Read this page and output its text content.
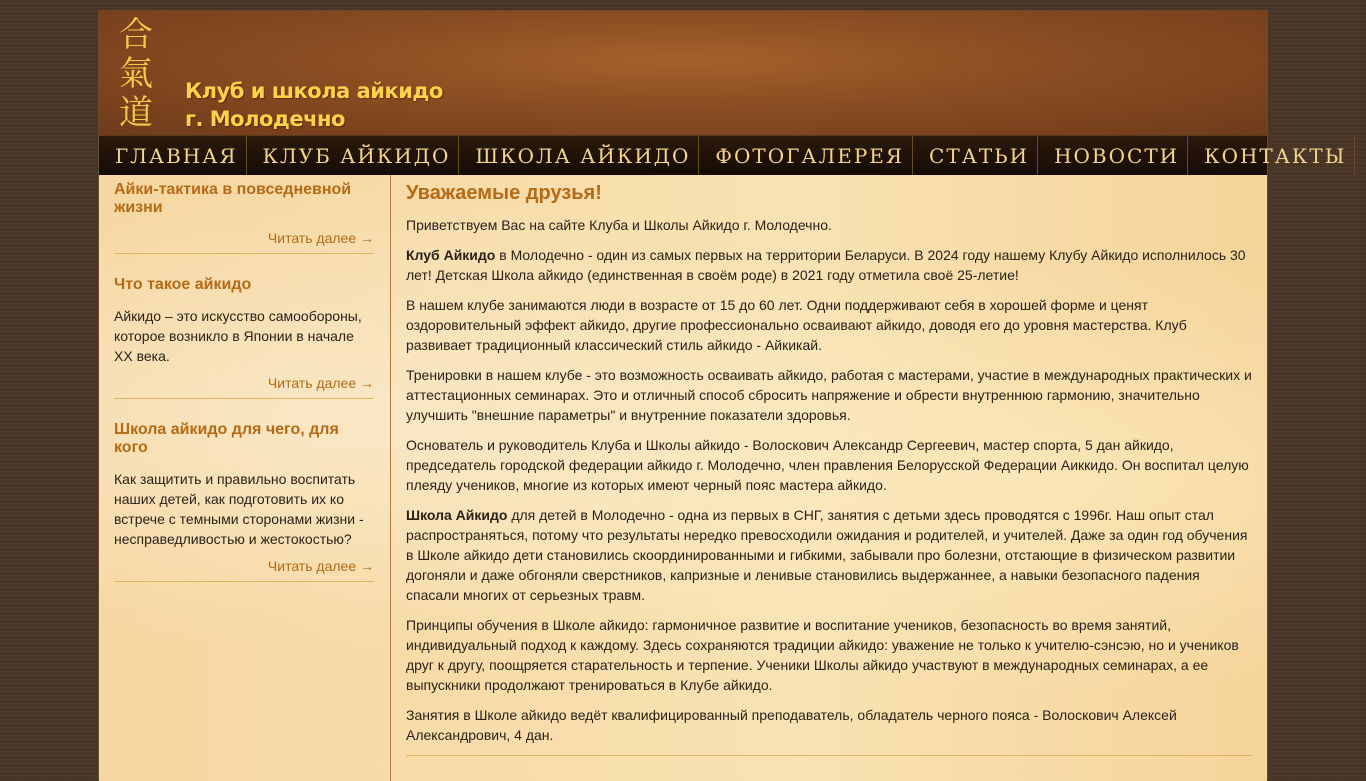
合
氣
道
Клуб и школа айкидо
г. Молодечно
ГЛАВНАЯ	КЛУБ АЙКИДО	ШКОЛА АЙКИДО	ФОТОГАЛЕРЕЯ	СТАТЬИ	НОВОСТИ	КОНТАКТЫ
Айки-тактика в повседневной жизни
Читать далее →
Что такое айкидо
Айкидо – это искусство самообороны, которое возникло в Японии в начале XX века.
Читать далее →
Школа айкидо для чего, для кого
Как защитить и правильно воспитать наших детей, как подготовить их ко встрече с темными сторонами жизни - несправедливостью и жестокостью?
Читать далее →
Уважаемые друзья!

Приветствуем Вас на сайте Клуба и Школы Айкидо г. Молодечно.

Клуб Айкидо в Молодечно - один из самых первых на территории Беларуси. В 2024 году нашему Клубу Айкидо исполнилось 30 лет! Детская Школа айкидо (единственная в своём роде) в 2021 году отметила своё 25-летие!

В нашем клубе занимаются люди в возрасте от 15 до 60 лет. Одни поддерживают себя в хорошей форме и ценят оздоровительный эффект айкидо, другие профессионально осваивают айкидо, доводя его до уровня мастерства. Клуб развивает традиционный классический стиль айкидо - Айкикай.

Тренировки в нашем клубе - это возможность осваивать айкидо, работая с мастерами, участие в международных практических и аттестационных семинарах. Это и отличный способ сбросить напряжение и обрести внутреннюю гармонию, значительно улучшить "внешние параметры" и внутренние показатели здоровья.

Основатель и руководитель Клуба и Школы айкидо - Волоскович Александр Сергеевич, мастер спорта, 5 дан айкидо, председатель городской федерации айкидо г. Молодечно, член правления Белорусской Федерации Аиккидо. Он воспитал целую плеяду учеников, многие из которых имеют черный пояс мастера айкидо.

Школа Айкидо для детей в Молодечно - одна из первых в СНГ, занятия с детьми здесь проводятся с 1996г. Наш опыт стал распространяться, потому что результаты нередко превосходили ожидания и родителей, и учителей. Даже за один год обучения в Школе айкидо дети становились скоординированными и гибкими, забывали про болезни, отстающие в физическом развитии догоняли и даже обгоняли сверстников, капризные и ленивые становились выдержаннее, а навыки безопасного падения спасали многих от серьезных травм.

Принципы обучения в Школе айкидо: гармоничное развитие и воспитание учеников, безопасность во время занятий, индивидуальный подход к каждому. Здесь сохраняются традиции айкидо: уважение не только к учителю-сэнсэю, но и учеников друг к другу, поощряется старательность и терпение. Ученики Школы айкидо участвуют в международных семинарах, а ее выпускники продолжают тренироваться в Клубе айкидо.

Занятия в Школе айкидо ведёт квалифицированный преподаватель, обладатель черного пояса - Волоскович Алексей Александрович, 4 дан.
